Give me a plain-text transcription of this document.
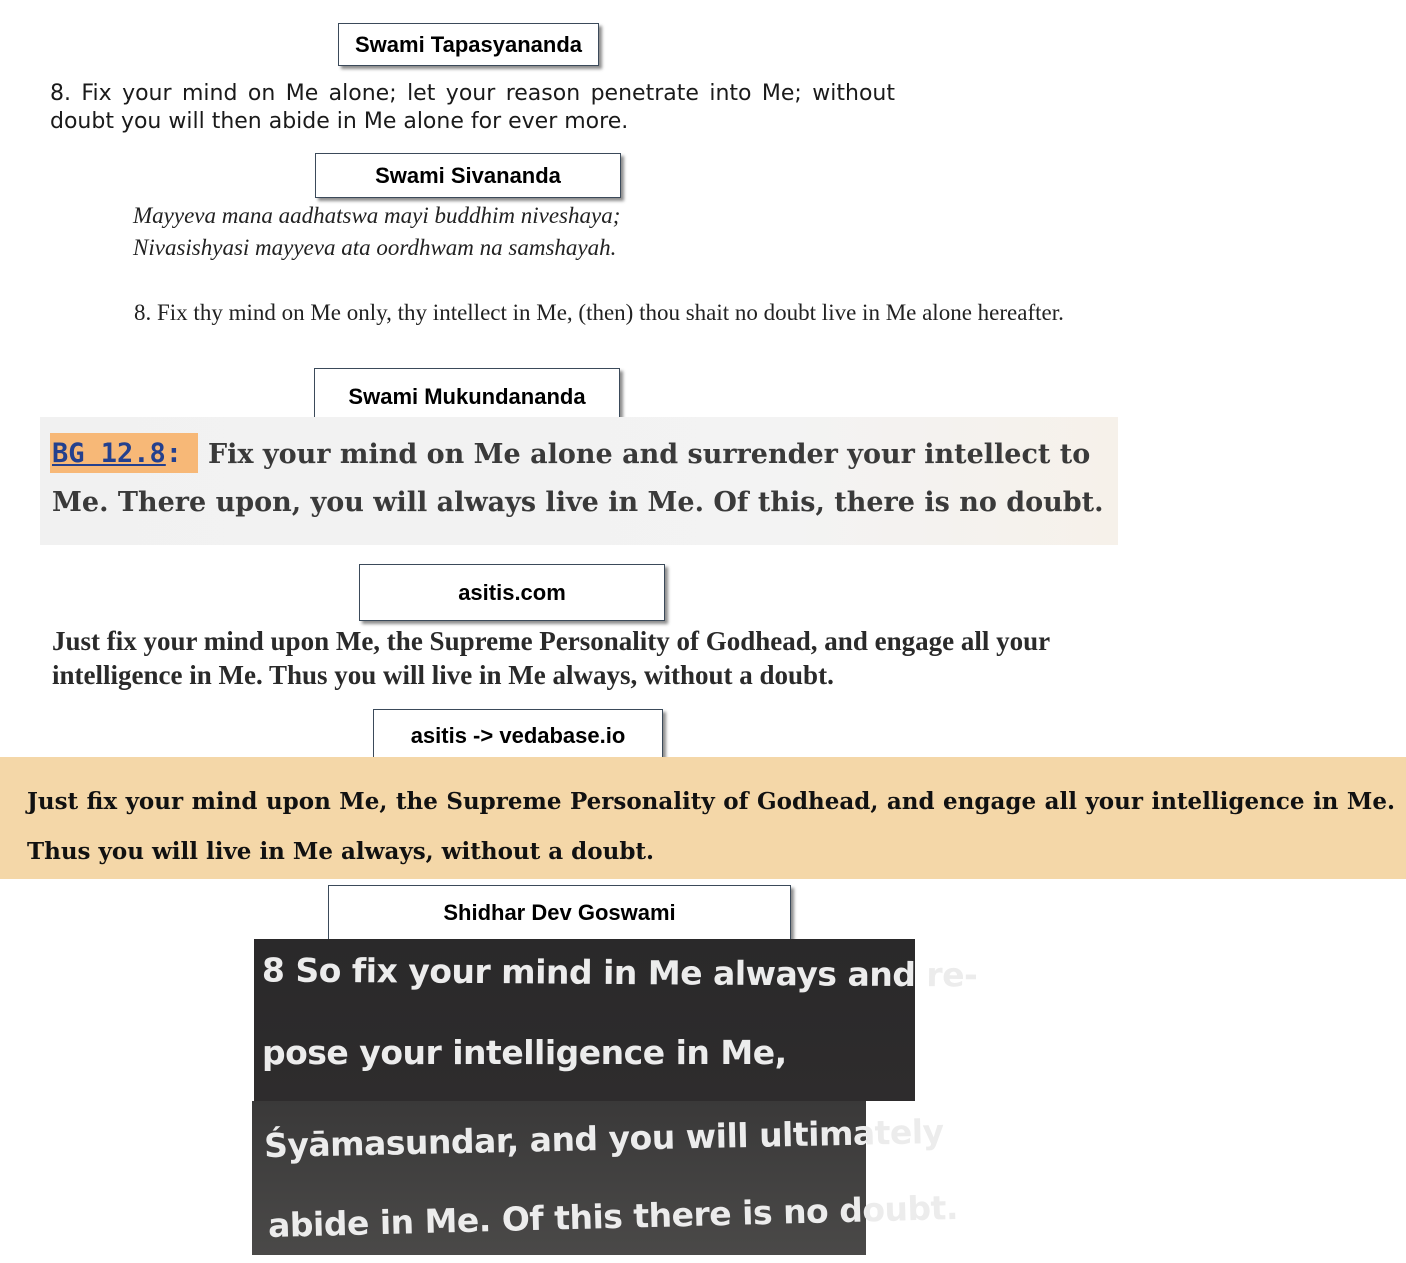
Swami Tapasyananda
8. Fix your mind on Me alone; let your reason penetrate into Me; without doubt you will then abide in Me alone for ever more.
Swami Sivananda
Mayyeva mana aadhatswa mayi buddhim niveshaya;
Nivasishyasi mayyeva ata oordhwam na samshayah.
8. Fix thy mind on Me only, thy intellect in Me, (then) thou shait no doubt live in Me alone hereafter.
Swami Mukundananda
BG 12.8 : Fix your mind on Me alone and surrender your intellect to Me. There upon, you will always live in Me. Of this, there is no doubt.
asitis.com
Just fix your mind upon Me, the Supreme Personality of Godhead, and engage all your intelligence in Me. Thus you will live in Me always, without a doubt.
asitis -> vedabase.io
Just fix your mind upon Me, the Supreme Personality of Godhead, and engage all your intelligence in Me. Thus you will live in Me always, without a doubt.
Shidhar Dev Goswami
8 So fix your mind in Me always and re-
pose your intelligence in Me,
Śyāmasundar, and you will ultimately
abide in Me. Of this there is no doubt.
